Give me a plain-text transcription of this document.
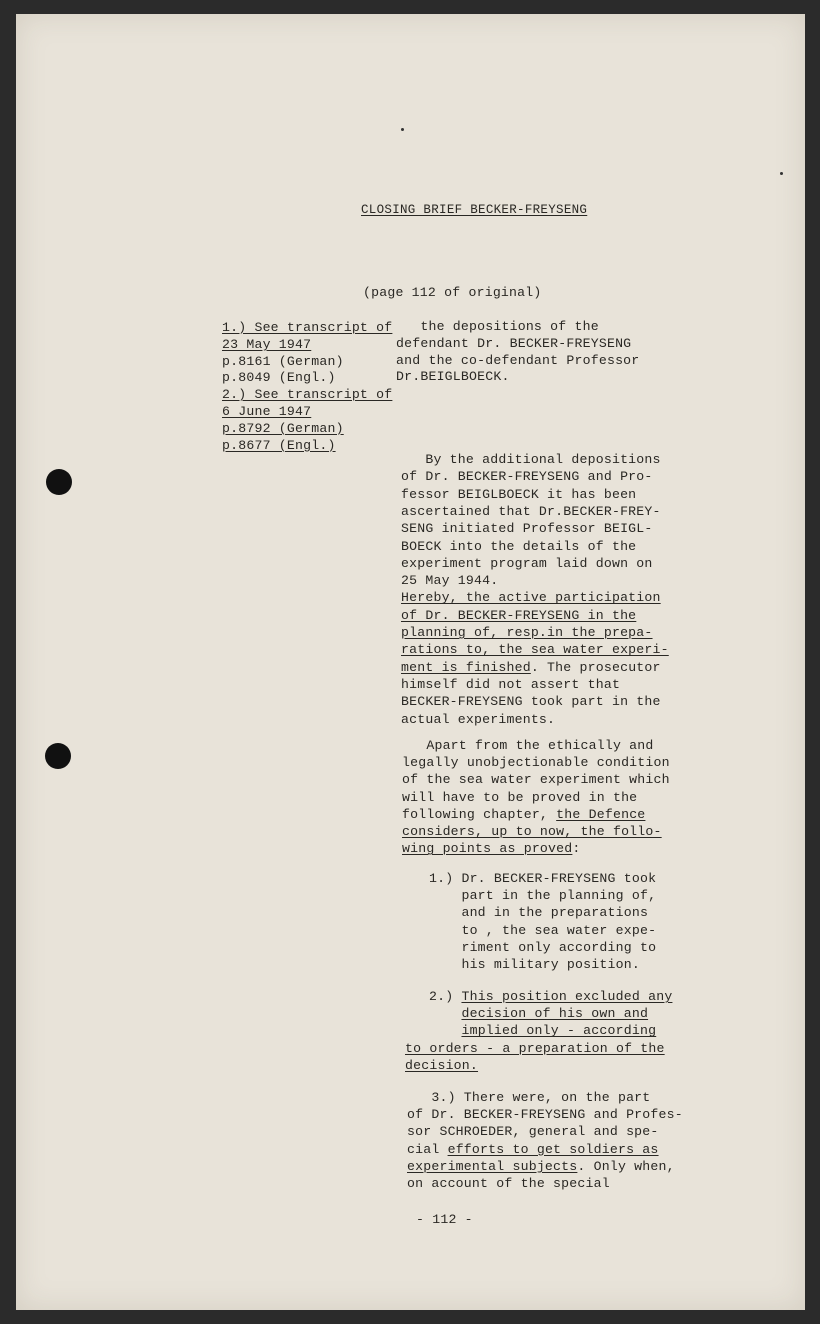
CLOSING BRIEF BECKER-FREYSENG

(page 112 of original)

1.) See transcript of

23 May 1947

p.8161 (German)

p.8049 (Engl.)

2.) See transcript of

6 June 1947

p.8792 (German)

p.8677 (Engl.)

the depositions of the

defendant Dr. BECKER-FREYSENG

and the co-defendant Professor

Dr.BEIGLBOECK.

By the additional depositions

of Dr. BECKER-FREYSENG and Pro-

fessor BEIGLBOECK it has been

ascertained that Dr.BECKER-FREY-

SENG initiated Professor BEIGL-

BOECK into the details of the

experiment program laid down on

25 May 1944.

Hereby, the active participation

of Dr. BECKER-FREYSENG in the

planning of, resp.in the prepa-

rations to, the sea water experi-

ment is finished. The prosecutor

himself did not assert that

BECKER-FREYSENG took part in the

actual experiments.

Apart from the ethically and

legally unobjectionable condition

of the sea water experiment which

will have to be proved in the

following chapter, the Defence

considers, up to now, the follo-

wing points as proved:

1.) Dr. BECKER-FREYSENG took

part in the planning of,

and in the preparations

to , the sea water expe-

riment only according to

his military position.

2.) This position excluded any

decision of his own and

implied only - according

to orders - a preparation of the

decision.

3.) There were, on the part

of Dr. BECKER-FREYSENG and Profes-

sor SCHROEDER, general and spe-

cial efforts to get soldiers as

experimental subjects. Only when,

on account of the special

- 112 -
